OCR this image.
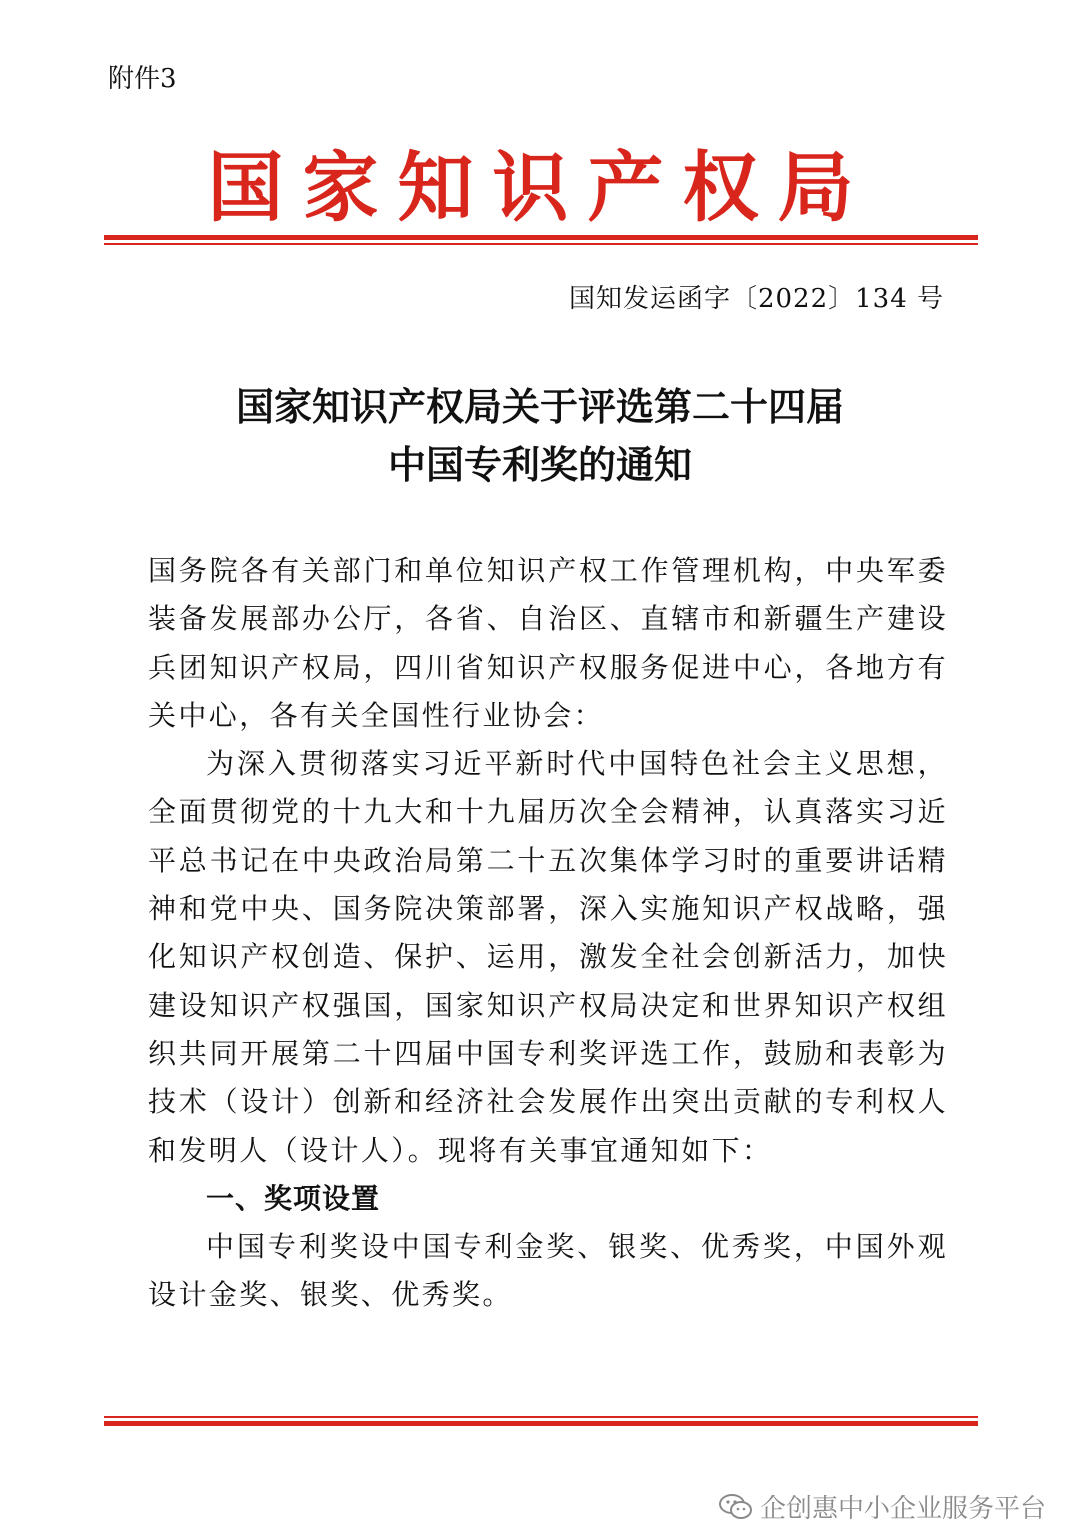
附件3
国家知识产权局
国知发运函字〔2022〕134 号
国家知识产权局关于评选第二十四届
中国专利奖的通知

国务院各有关部门和单位知识产权工作管理机构，中央军委装备发展部办公厅，各省、自治区、直辖市和新疆生产建设兵团知识产权局，四川省知识产权服务促进中心，各地方有关中心，各有关全国性行业协会：

为深入贯彻落实习近平新时代中国特色社会主义思想，全面贯彻党的十九大和十九届历次全会精神，认真落实习近平总书记在中央政治局第二十五次集体学习时的重要讲话精神和党中央、国务院决策部署，深入实施知识产权战略，强化知识产权创造、保护、运用，激发全社会创新活力，加快建设知识产权强国，国家知识产权局决定和世界知识产权组织共同开展第二十四届中国专利奖评选工作，鼓励和表彰为技术（设计）创新和经济社会发展作出突出贡献的专利权人和发明人（设计人）。现将有关事宜通知如下：

一、奖项设置

中国专利奖设中国专利金奖、银奖、优秀奖，中国外观设计金奖、银奖、优秀奖。

企创惠中小企业服务平台
